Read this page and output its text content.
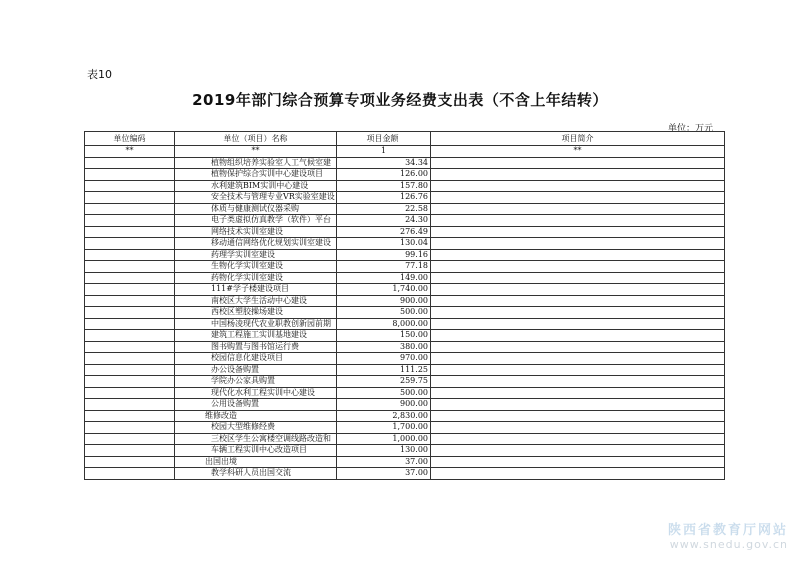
表10
2019年部门综合预算专项业务经费支出表（不含上年结转）
单位：万元
单位编码	单位（项目）名称	项目金额	项目简介
**	**	1	**
	植物组织培养实验室人工气候室建	34.34	
	植物保护综合实训中心建设项目	126.00	
	水利建筑BIM实训中心建设	157.80	
	安全技术与管理专业VR实验室建设	126.76	
	体质与健康测试仪器采购	22.58	
	电子类虚拟仿真教学（软件）平台	24.30	
	网络技术实训室建设	276.49	
	移动通信网络优化规划实训室建设	130.04	
	药理学实训室建设	99.16	
	生物化学实训室建设	77.18	
	药物化学实训室建设	149.00	
	111#学子楼建设项目	1,740.00	
	南校区大学生活动中心建设	900.00	
	西校区塑胶操场建设	500.00	
	中国杨凌现代农业职教创新园前期	8,000.00	
	建筑工程施工实训基地建设	150.00	
	图书购置与图书馆运行费	380.00	
	校园信息化建设项目	970.00	
	办公设备购置	111.25	
	学院办公家具购置	259.75	
	现代化水利工程实训中心建设	500.00	
	公用设备购置	900.00	
	维修改造	2,830.00	
	校园大型维修经费	1,700.00	
	三校区学生公寓楼空调线路改造和	1,000.00	
	车辆工程实训中心改造项目	130.00	
	出国出境	37.00	
	教学科研人员出国交流	37.00	
陕西省教育厅网站
www.snedu.gov.cn
